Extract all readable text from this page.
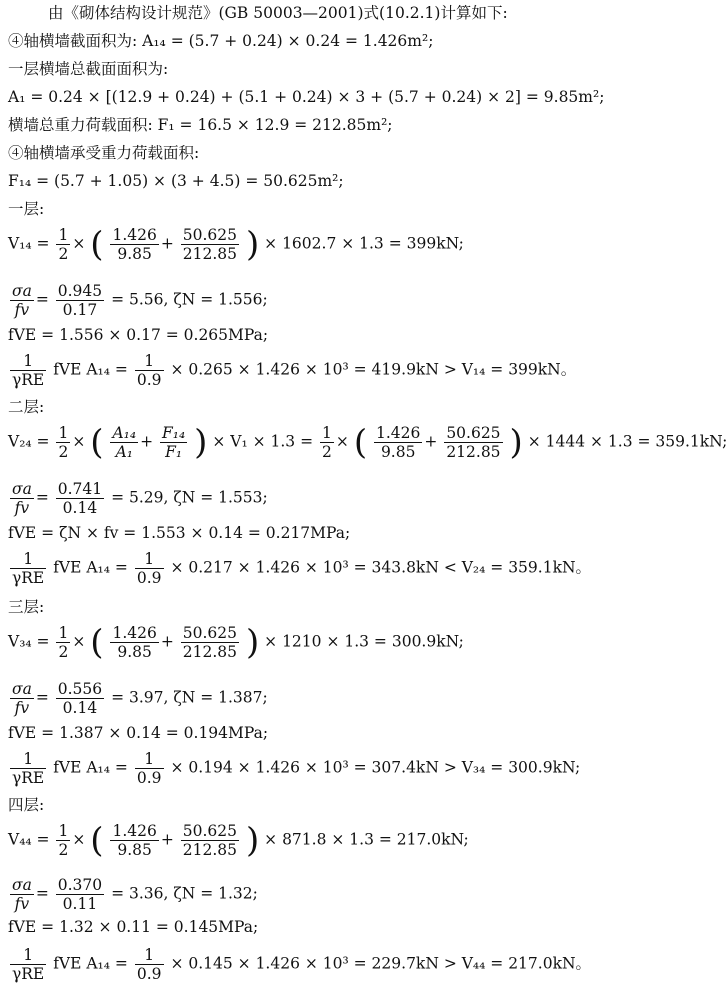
由《砌体结构设计规范》(GB 50003—2001)式(10.2.1)计算如下:
④轴横墙截面积为: A₁₄ = (5.7 + 0.24) × 0.24 = 1.426m²;
一层横墙总截面面积为:
A₁ = 0.24 × [(12.9 + 0.24) + (5.1 + 0.24) × 3 + (5.7 + 0.24) × 2] = 9.85m²;
横墙总重力荷载面积: F₁ = 16.5 × 12.9 = 212.85m²;
④轴横墙承受重力荷载面积:
F₁₄ = (5.7 + 1.05) × (3 + 4.5) = 50.625m²;
一层:
$V_{14} = \frac{1}{2}$ × ( $\frac{1.426}{9.85} + \frac{50.625}{212.85}$ ) × 1602.7 × 1.3 = 399kN;
$\frac{\sigma a}{fv} = \frac{0.945}{0.17} = 5.56$, ζN = 1.556;
fVE = 1.556 × 0.17 = 0.265MPa;
$\frac{1}{\text{γRE}}$ fVE $A_{14} = \frac{1}{0.9} \times 0.265 \times 1.426 \times 10^3 = 419.9kN > V_{14} = 399kN$。
二层:
$V_{24} = \frac{1}{2}$ × ( $\frac{\text{A₁₄}}{\text{A₁}} + \frac{\text{F₁₄}}{\text{F₁}}$ ) × $V_1 \times 1.3 = \frac{1}{2}$ × ( $\frac{1.426}{9.85} + \frac{50.625}{212.85}$ ) × 1444 × 1.3 = 359.1kN;
$\frac{\sigma a}{fv} = \frac{0.741}{0.14} = 5.29$, ζN = 1.553;
fVE = ζN × fv = 1.553 × 0.14 = 0.217MPa;
$\frac{1}{\text{γRE}}$ fVE $A_{14} = \frac{1}{0.9} \times 0.217 \times 1.426 \times 10^3 = 343.8kN < V_{24} = 359.1kN$。
三层:
$V_{34} = \frac{1}{2}$ × ( $\frac{1.426}{9.85} + \frac{50.625}{212.85}$ ) × 1210 × 1.3 = 300.9kN;
$\frac{\sigma a}{fv} = \frac{0.556}{0.14} = 3.97$, ζN = 1.387;
fVE = 1.387 × 0.14 = 0.194MPa;
$\frac{1}{\text{γRE}}$ fVE $A_{14} = \frac{1}{0.9} \times 0.194 \times 1.426 \times 10^3 = 307.4kN > V_{34} = 300.9kN$;
四层:
$V_{44} = \frac{1}{2}$ × ( $\frac{1.426}{9.85} + \frac{50.625}{212.85}$ ) × 871.8 × 1.3 = 217.0kN;
$\frac{\sigma a}{fv} = \frac{0.370}{0.11} = 3.36$, ζN = 1.32;
fVE = 1.32 × 0.11 = 0.145MPa;
$\frac{1}{\text{γRE}}$ fVE $A_{14} = \frac{1}{0.9} \times 0.145 \times 1.426 \times 10^3 = 229.7kN > V_{44} = 217.0kN$。
